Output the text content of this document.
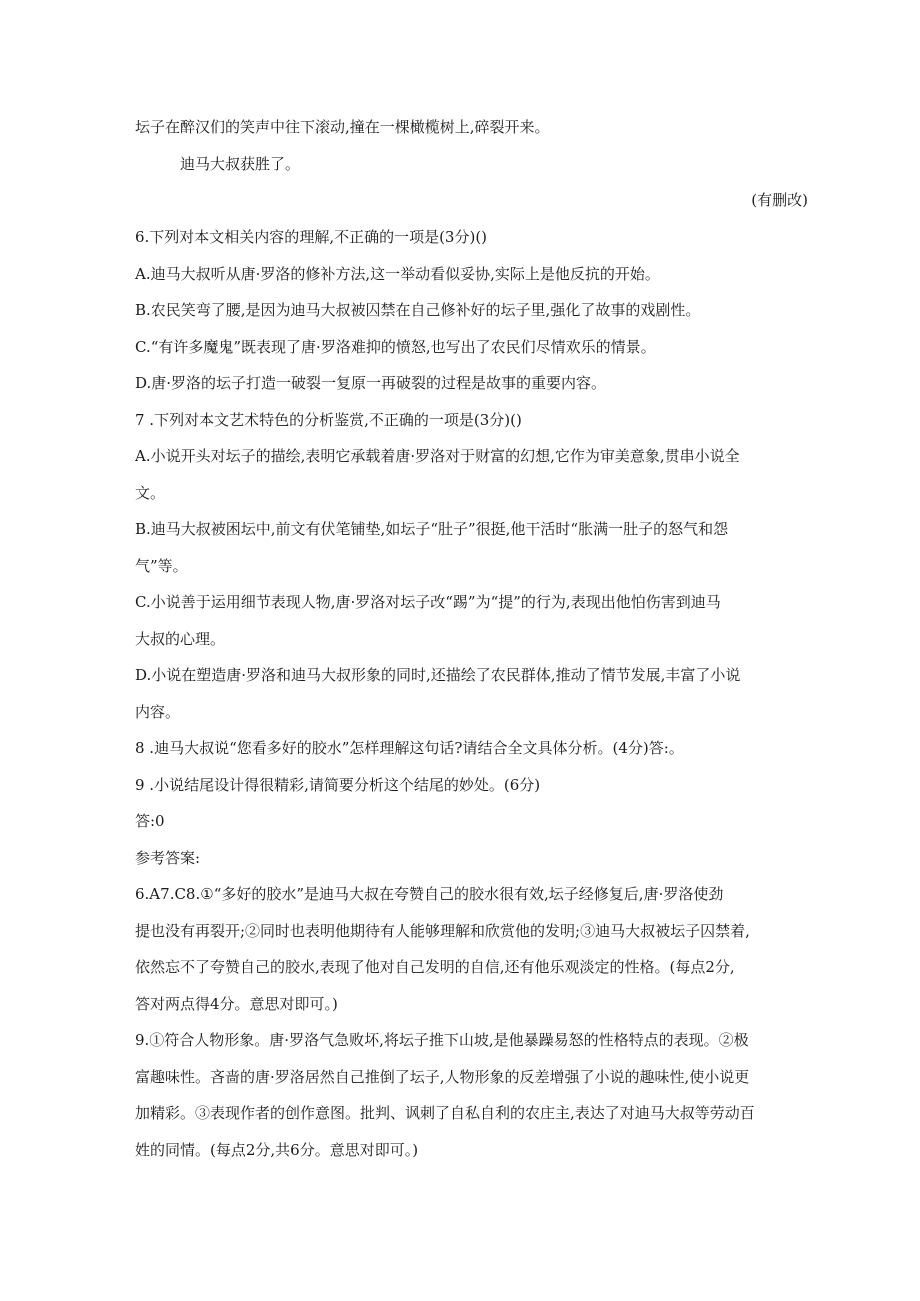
坛子在醉汉们的笑声中往下滚动,撞在一棵橄榄树上,碎裂开来。
迪马大叔获胜了。
(有删改)
6.下列对本文相关内容的理解,不正确的一项是(3分)()
A.迪马大叔听从唐·罗洛的修补方法,这一举动看似妥协,实际上是他反抗的开始。
B.农民笑弯了腰,是因为迪马大叔被囚禁在自己修补好的坛子里,强化了故事的戏剧性。
C.“有许多魔鬼”既表现了唐·罗洛难抑的愤怒,也写出了农民们尽情欢乐的情景。
D.唐·罗洛的坛子打造一破裂一复原一再破裂的过程是故事的重要内容。
7 .下列对本文艺术特色的分析鉴赏,不正确的一项是(3分)()
A.小说开头对坛子的描绘,表明它承载着唐·罗洛对于财富的幻想,它作为审美意象,贯串小说全
文。
B.迪马大叔被困坛中,前文有伏笔铺垫,如坛子“肚子”很挺,他干活时“胀满一肚子的怒气和怨
气”等。
C.小说善于运用细节表现人物,唐·罗洛对坛子改“踢”为“提”的行为,表现出他怕伤害到迪马
大叔的心理。
D.小说在塑造唐·罗洛和迪马大叔形象的同时,还描绘了农民群体,推动了情节发展,丰富了小说
内容。
8 .迪马大叔说“您看多好的胶水”怎样理解这句话?请结合全文具体分析。(4分)答:。
9 .小说结尾设计得很精彩,请简要分析这个结尾的妙处。(6分)
答:0
参考答案:
6.A7.C8.①“多好的胶水”是迪马大叔在夸赞自己的胶水很有效,坛子经修复后,唐·罗洛使劲
提也没有再裂开;②同时也表明他期待有人能够理解和欣赏他的发明;③迪马大叔被坛子囚禁着,
依然忘不了夸赞自己的胶水,表现了他对自己发明的自信,还有他乐观淡定的性格。(每点2分,
答对两点得4分。意思对即可。)
9.①符合人物形象。唐·罗洛气急败坏,将坛子推下山坡,是他暴躁易怒的性格特点的表现。②极
富趣味性。吝啬的唐·罗洛居然自己推倒了坛子,人物形象的反差增强了小说的趣味性,使小说更
加精彩。③表现作者的创作意图。批判、讽刺了自私自利的农庄主,表达了对迪马大叔等劳动百
姓的同情。(每点2分,共6分。意思对即可。)
